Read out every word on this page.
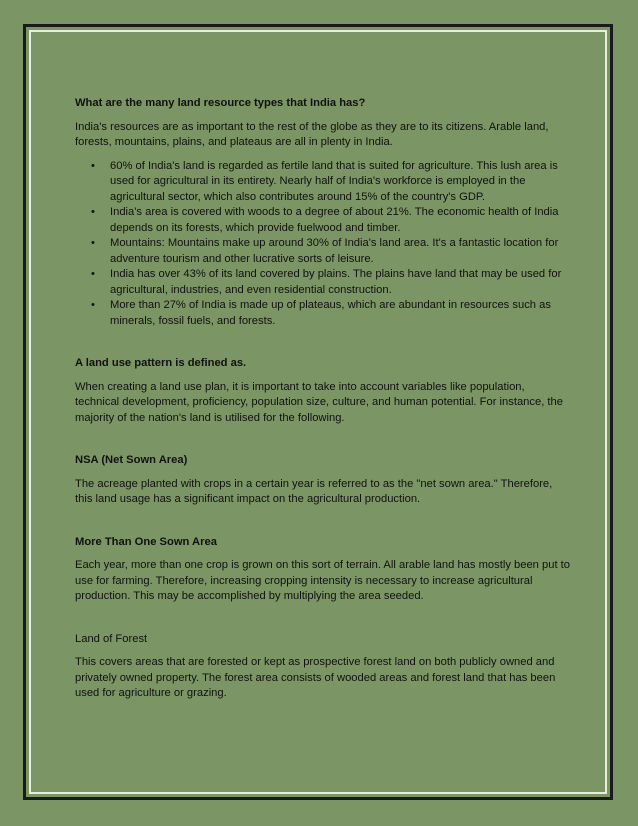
What are the many land resource types that India has?

India's resources are as important to the rest of the globe as they are to its citizens. Arable land, forests, mountains, plains, and plateaus are all in plenty in India.

• 60% of India's land is regarded as fertile land that is suited for agriculture. This lush area is used for agricultural in its entirety. Nearly half of India's workforce is employed in the agricultural sector, which also contributes around 15% of the country's GDP.
• India's area is covered with woods to a degree of about 21%. The economic health of India depends on its forests, which provide fuelwood and timber.
• Mountains: Mountains make up around 30% of India's land area. It's a fantastic location for adventure tourism and other lucrative sorts of leisure.
• India has over 43% of its land covered by plains. The plains have land that may be used for agricultural, industries, and even residential construction.
• More than 27% of India is made up of plateaus, which are abundant in resources such as minerals, fossil fuels, and forests.
A land use pattern is defined as.

When creating a land use plan, it is important to take into account variables like population, technical development, proficiency, population size, culture, and human potential. For instance, the majority of the nation's land is utilised for the following.

NSA (Net Sown Area)

The acreage planted with crops in a certain year is referred to as the "net sown area." Therefore, this land usage has a significant impact on the agricultural production.

More Than One Sown Area

Each year, more than one crop is grown on this sort of terrain. All arable land has mostly been put to use for farming. Therefore, increasing cropping intensity is necessary to increase agricultural production. This may be accomplished by multiplying the area seeded.

Land of Forest

This covers areas that are forested or kept as prospective forest land on both publicly owned and privately owned property. The forest area consists of wooded areas and forest land that has been used for agriculture or grazing.
